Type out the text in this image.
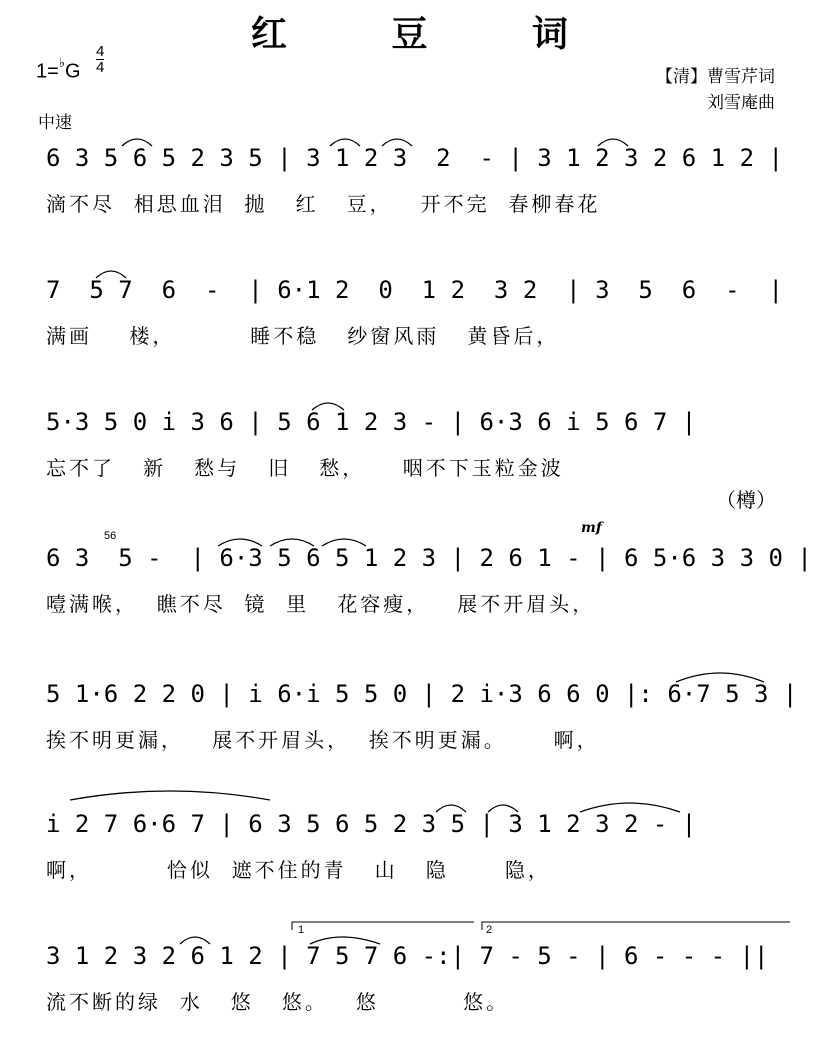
红 豆 词
1=♭G
4
4	【清】曹雪芹词
刘雪庵曲
中速
6 3 5 6 5 2 3 5 | 3 1 2 3  2  - | 3 1 2 3 2 6 1 2 |
滴不尽  相思血泪  抛   红   豆，   开不完  春柳春花
7  5 7  6  -  | 6·1 2  0  1 2  3 2  | 3  5  6  -  |
满画    楼，        睡不稳   纱窗风雨   黄昏后，
5·3 5 0 i 3 6 | 5 6 1 2 3 - | 6·3 6 i 5 6 7 |
忘不了   新   愁与   旧   愁，    咽不下玉粒金波
（樽）
6 3  5 -  | 6·3 5 6 5 1 2 3 | 2 6 1 - | 6 5·6 3 3 0 |
噎满喉，  瞧不尽  镜  里   花容瘦，   展不开眉头，
56	mf
5 1·6 2 2 0 | i 6·i 5 5 0 | 2 i·3 6 6 0 |: 6·7 5 3 |
挨不明更漏，   展不开眉头，  挨不明更漏。     啊，
i 2 7 6·6 7 | 6 3 5 6 5 2 3 5 | 3 1 2 3 2 - |
啊，        恰似  遮不住的青   山   隐      隐，
3 1 2 3 2 6 1 2 | 7 5 7 6 -:| 7 - 5 - | 6 - - - ||
流不断的绿  水   悠   悠。   悠         悠。
1	2
